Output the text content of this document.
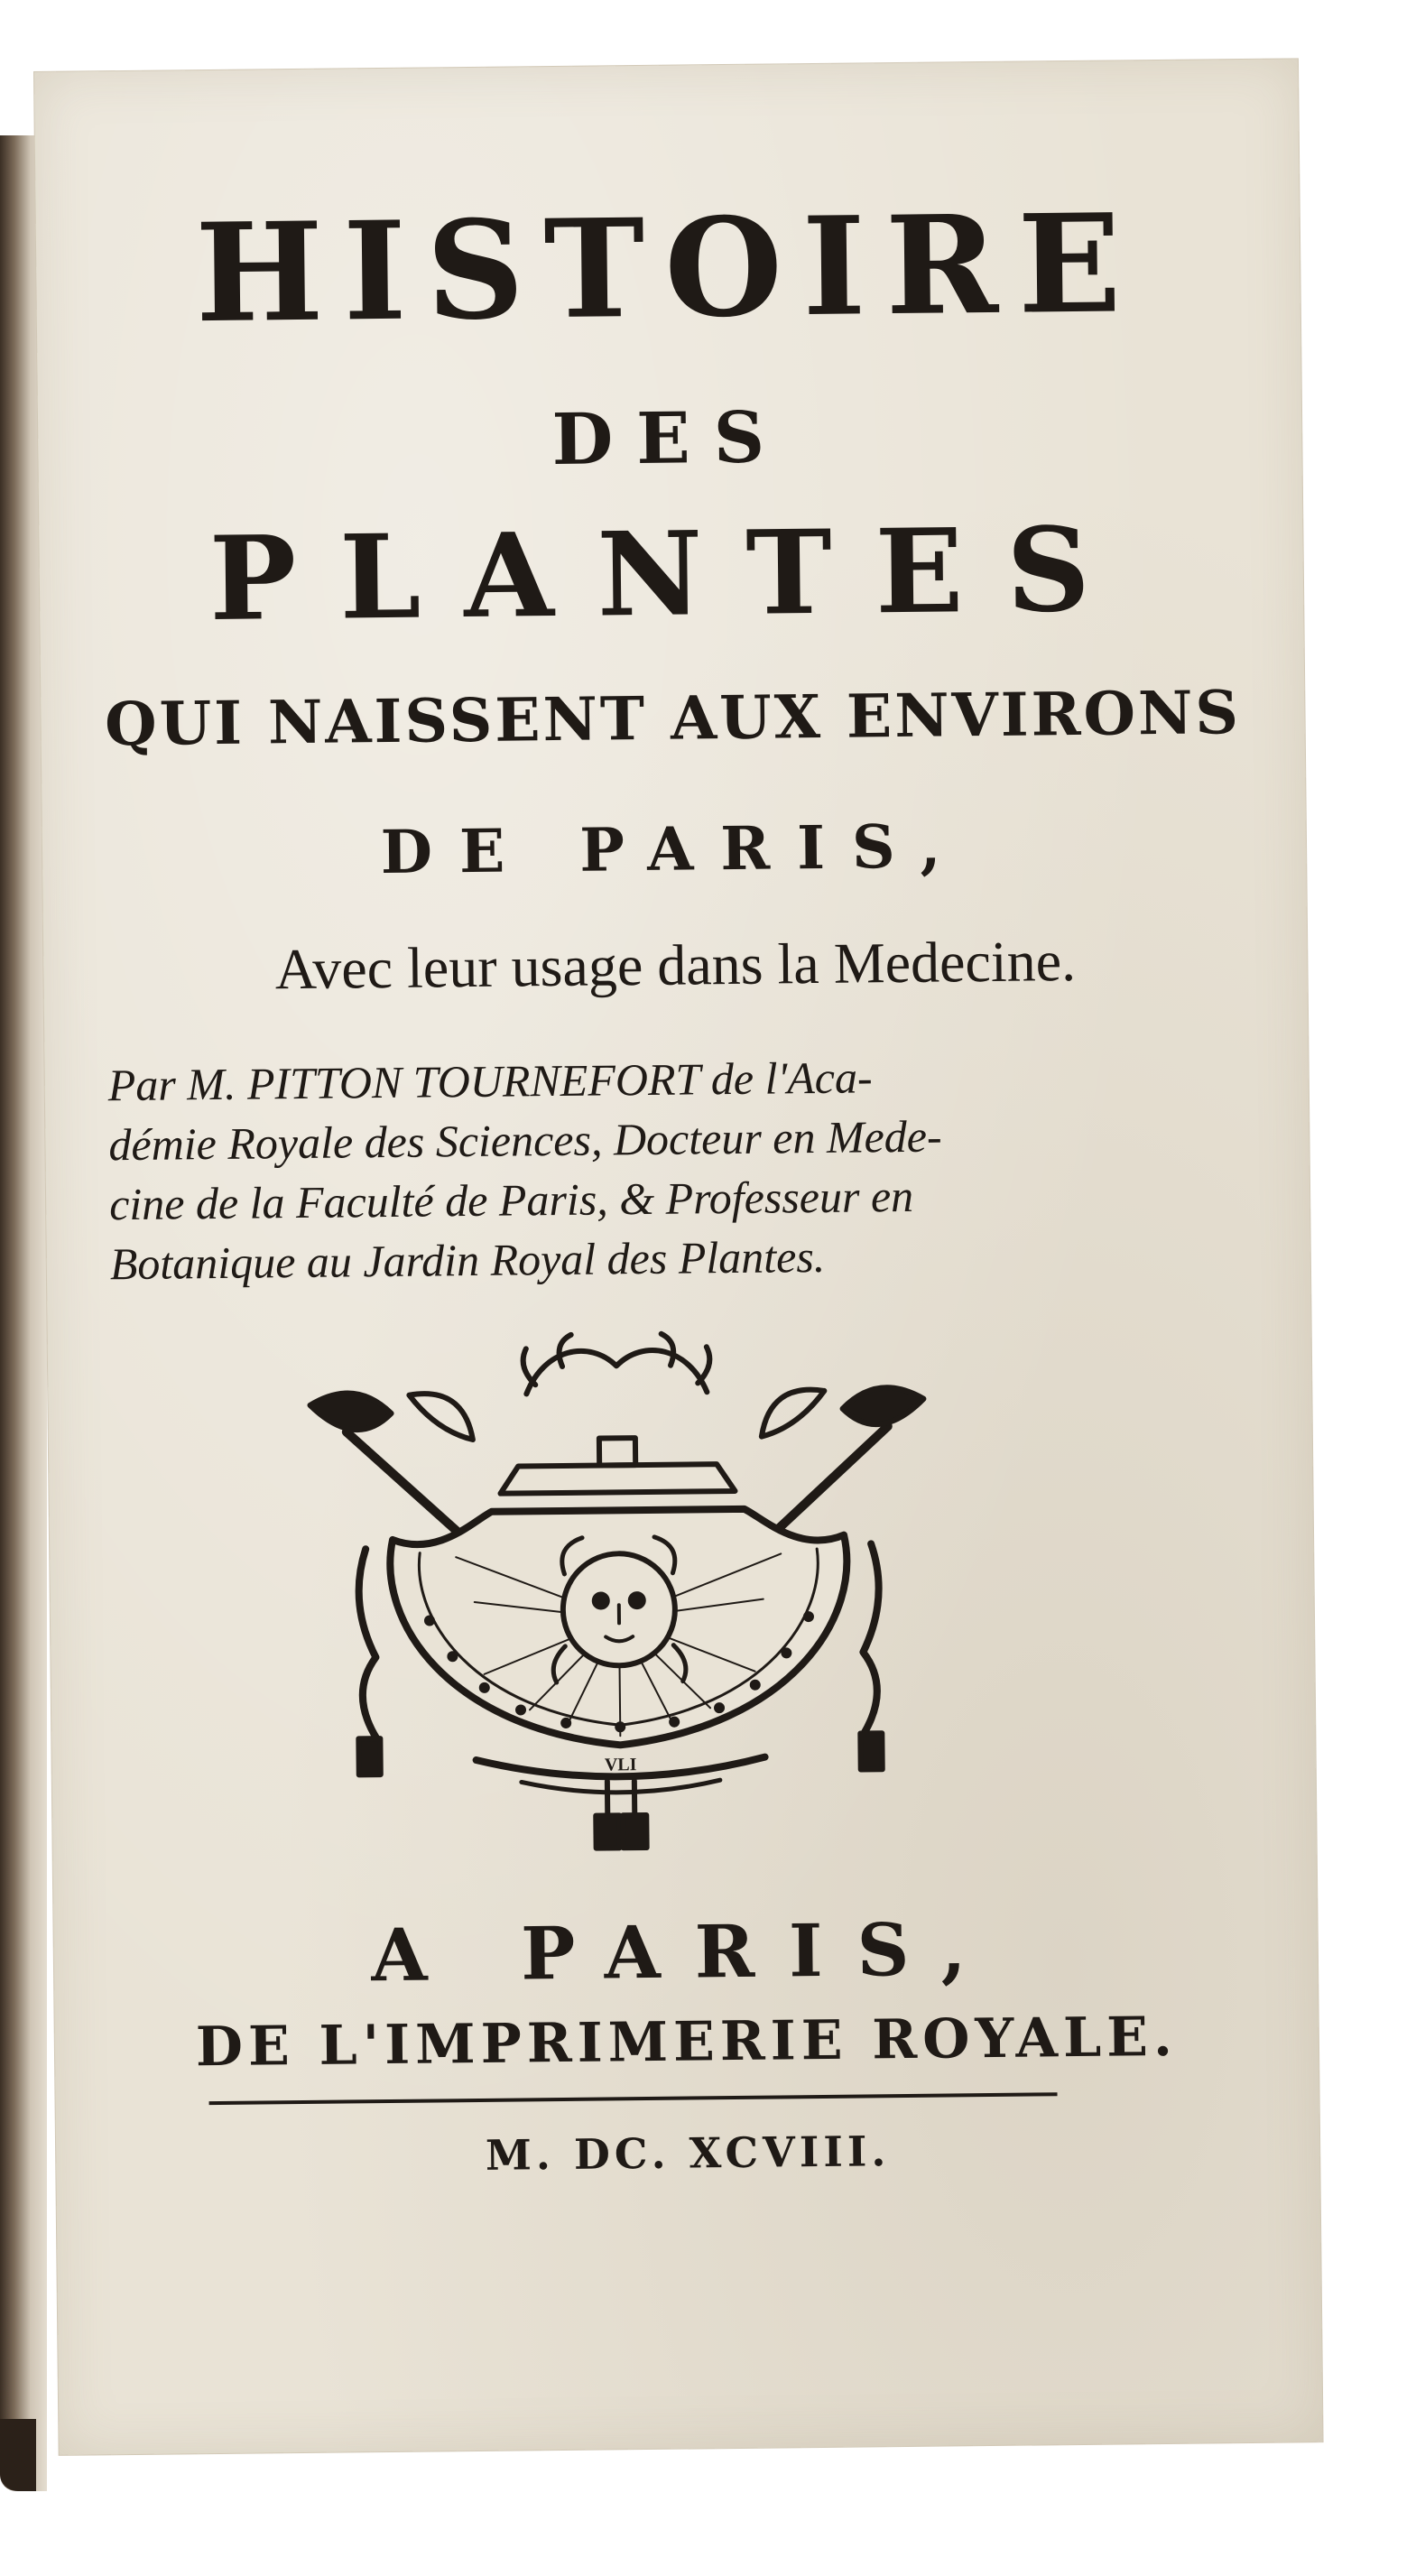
HISTOIRE
DES
PLANTES
QUI NAISSENT AUX ENVIRONS
DE PARIS,
Avec leur usage dans la Medecine.
Par M. PITTON TOURNEFORT de l'Aca-
démie Royale des Sciences, Docteur en Mede-
cine de la Faculté de Paris, & Professeur en
Botanique au Jardin Royal des Plantes.
VLI
A PARIS,
DE L'IMPRIMERIE ROYALE.
M. DC. XCVIII.
